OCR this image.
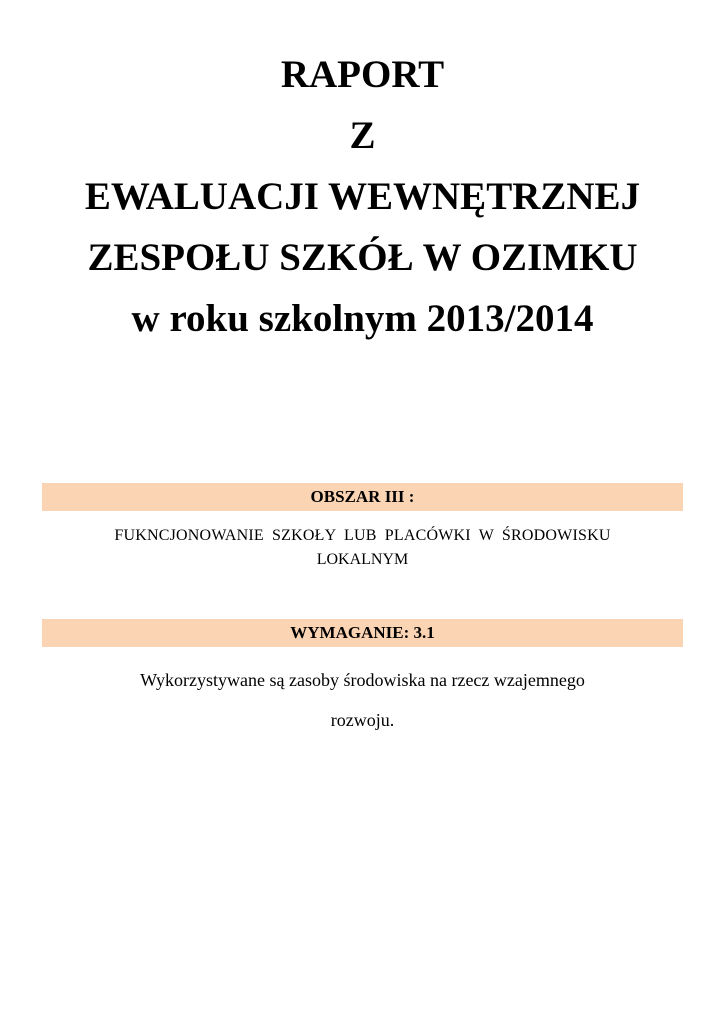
RAPORT
Z
EWALUACJI WEWNĘTRZNEJ
ZESPOŁU SZKÓŁ W OZIMKU
w roku szkolnym 2013/2014
OBSZAR III :
FUKNCJONOWANIE SZKOŁY LUB PLACÓWKI W ŚRODOWISKU
LOKALNYM
WYMAGANIE: 3.1
Wykorzystywane są zasoby środowiska na rzecz wzajemnego
rozwoju.
